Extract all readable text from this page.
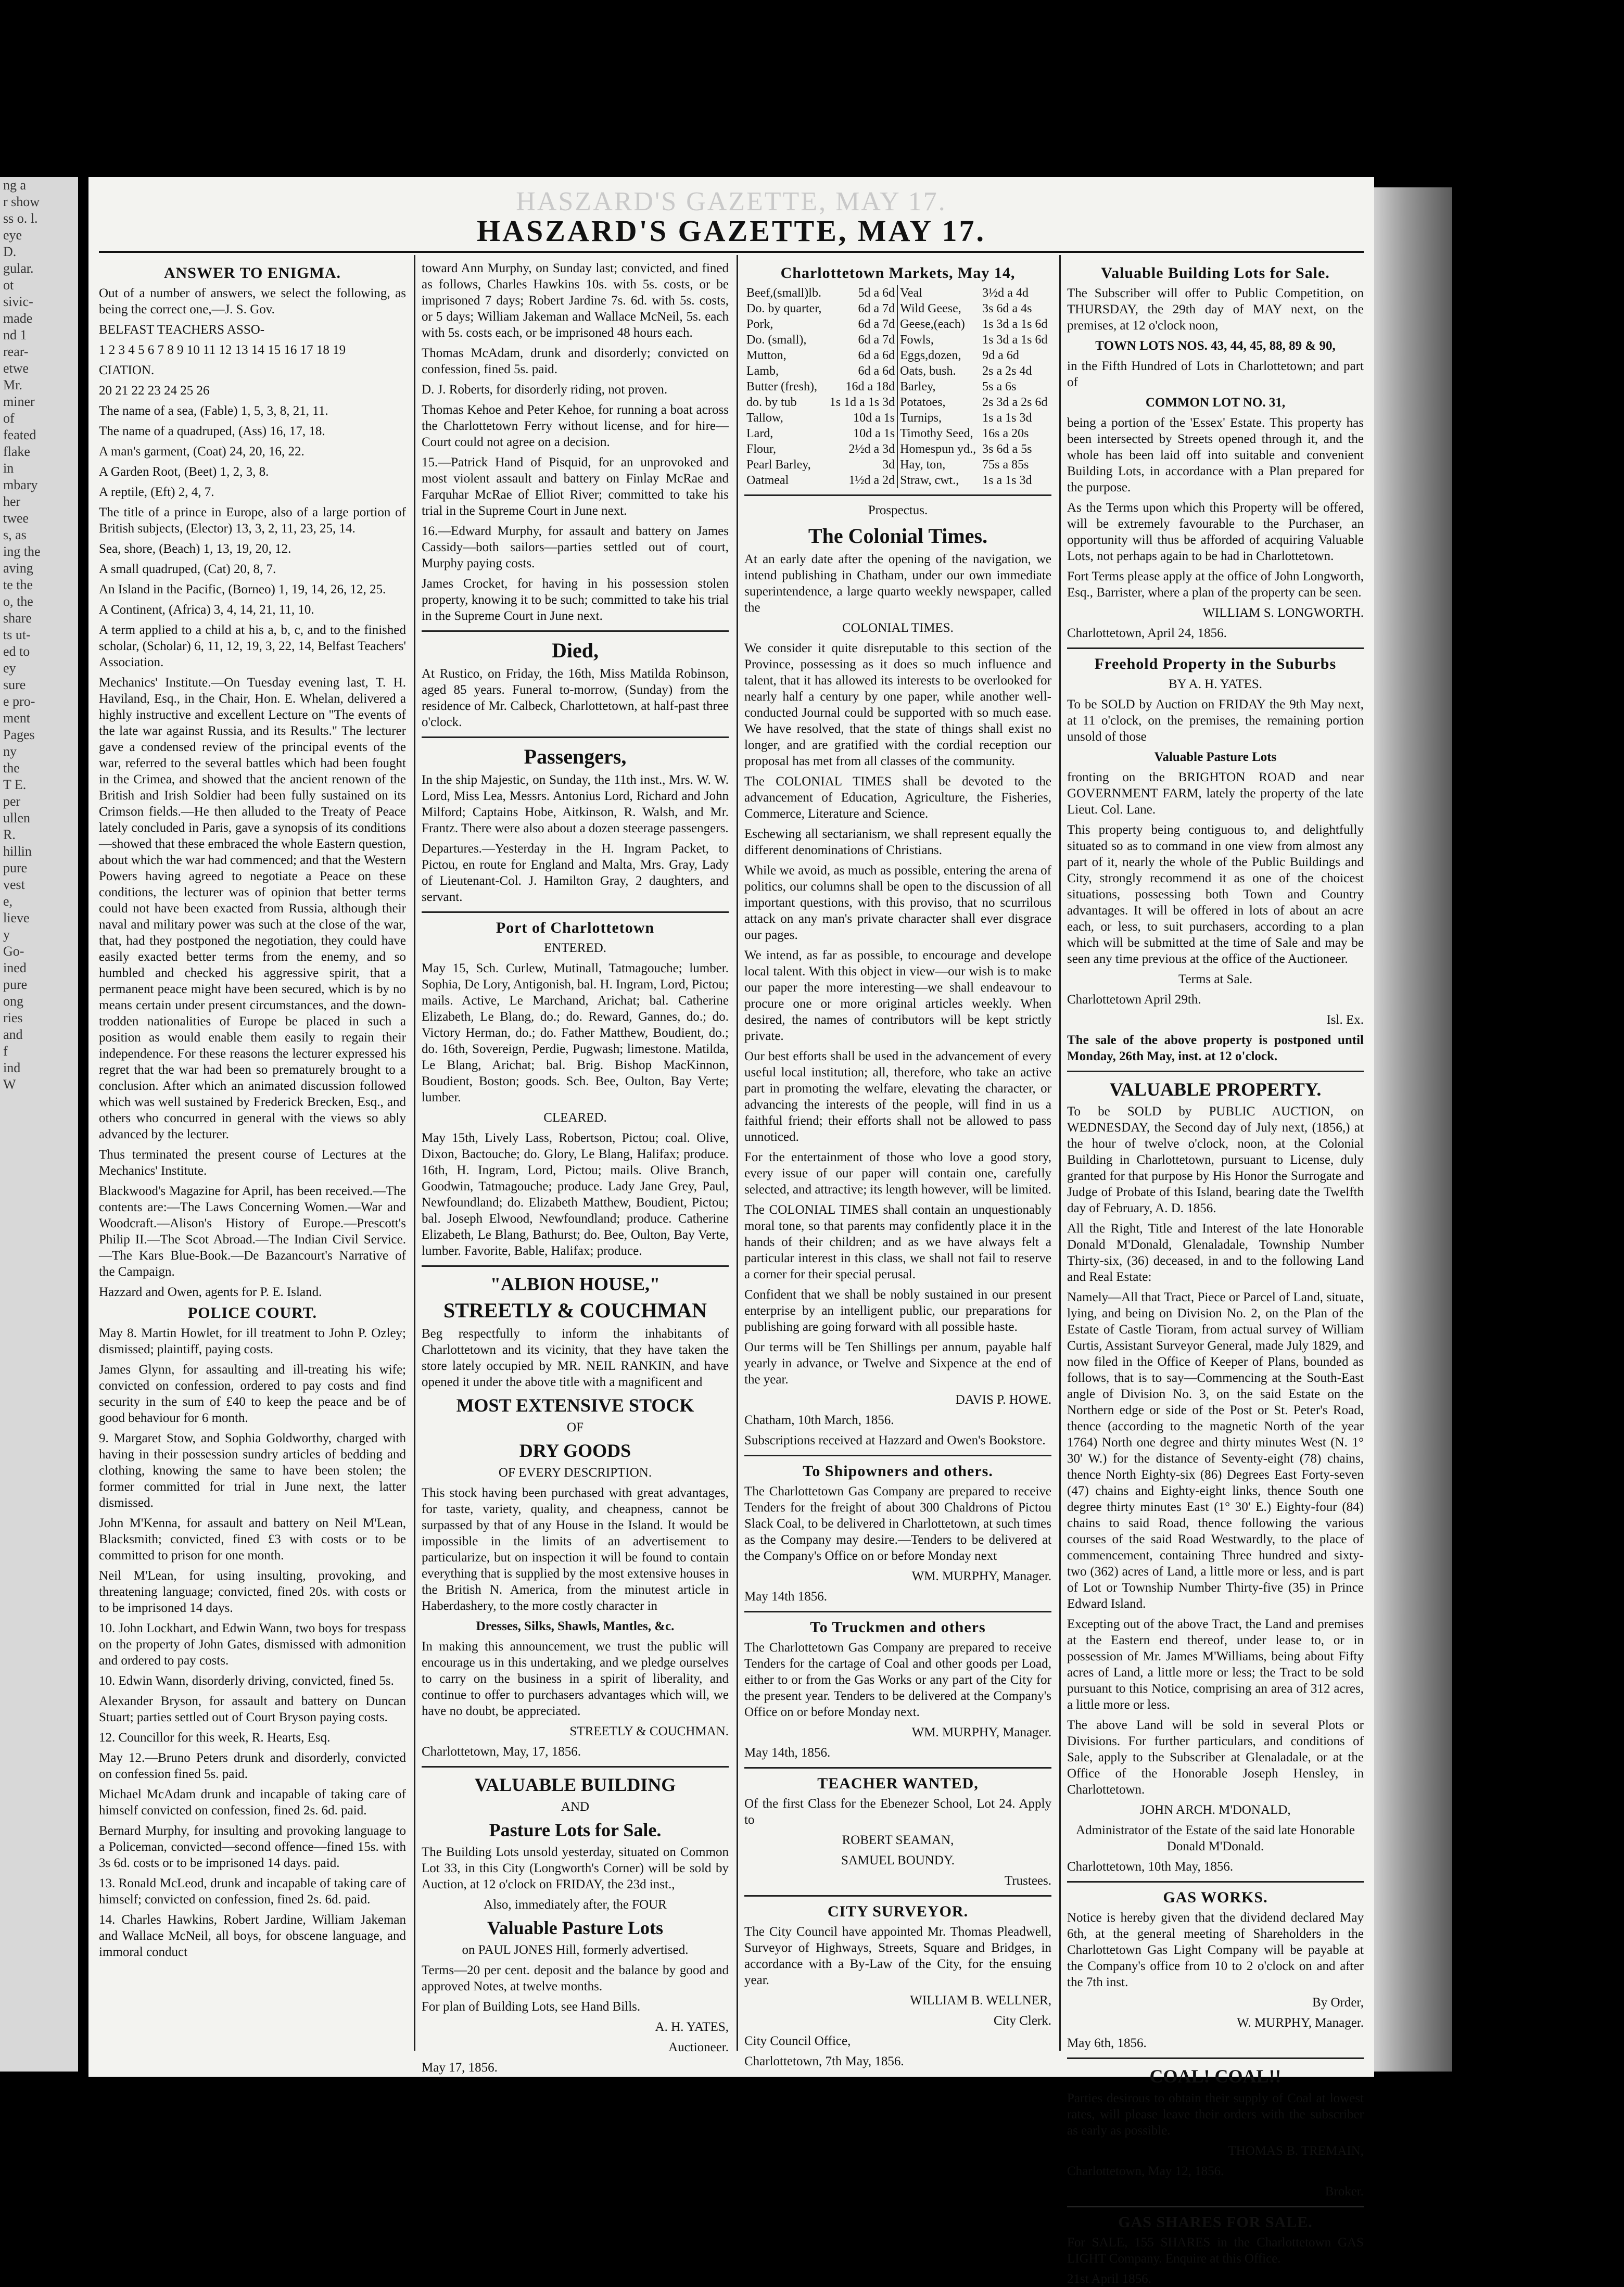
ng a

r show

ss o. l.

eye

D.

gular.

ot

sivic-

made

nd 1

rear-

etwe

Mr.

miner

of

feated

flake

in

mbary

her

twee

s, as

ing the

aving

te the

o, the

share

ts ut-

ed to

ey

sure

e pro-

ment

Pages

ny

the

T E.

per

ullen

R.

hillin

pure

vest

e,

lieve

y

Go-

ined

pure

ong

ries

and

f

ind

W

HASZARD'S GAZETTE, MAY 17.
HASZARD'S GAZETTE, MAY 17.
ANSWER TO ENIGMA.

Out of a number of answers, we select the following, as being the correct one,—J. S. Gov.

BELFAST TEACHERS ASSO-

1 2 3 4 5 6 7 8 9 10 11 12 13 14 15 16 17 18 19

CIATION.

20 21 22 23 24 25 26

The name of a sea, (Fable) 1, 5, 3, 8, 21, 11.

The name of a quadruped, (Ass) 16, 17, 18.

A man's garment, (Coat) 24, 20, 16, 22.

A Garden Root, (Beet) 1, 2, 3, 8.

A reptile, (Eft) 2, 4, 7.

The title of a prince in Europe, also of a large portion of British subjects, (Elector) 13, 3, 2, 11, 23, 25, 14.

Sea, shore, (Beach) 1, 13, 19, 20, 12.

A small quadruped, (Cat) 20, 8, 7.

An Island in the Pacific, (Borneo) 1, 19, 14, 26, 12, 25.

A Continent, (Africa) 3, 4, 14, 21, 11, 10.

A term applied to a child at his a, b, c, and to the finished scholar, (Scholar) 6, 11, 12, 19, 3, 22, 14, Belfast Teachers' Association.

Mechanics' Institute.—On Tuesday evening last, T. H. Haviland, Esq., in the Chair, Hon. E. Whelan, delivered a highly instructive and excellent Lecture on "The events of the late war against Russia, and its Results." The lecturer gave a condensed review of the principal events of the war, referred to the several battles which had been fought in the Crimea, and showed that the ancient renown of the British and Irish Soldier had been fully sustained on its Crimson fields.—He then alluded to the Treaty of Peace lately concluded in Paris, gave a synopsis of its conditions—showed that these embraced the whole Eastern question, about which the war had commenced; and that the Western Powers having agreed to negotiate a Peace on these conditions, the lecturer was of opinion that better terms could not have been exacted from Russia, although their naval and military power was such at the close of the war, that, had they postponed the negotiation, they could have easily exacted better terms from the enemy, and so humbled and checked his aggressive spirit, that a permanent peace might have been secured, which is by no means certain under present circumstances, and the down-trodden nationalities of Europe be placed in such a position as would enable them easily to regain their independence. For these reasons the lecturer expressed his regret that the war had been so prematurely brought to a conclusion. After which an animated discussion followed which was well sustained by Frederick Brecken, Esq., and others who concurred in general with the views so ably advanced by the lecturer.

Thus terminated the present course of Lectures at the Mechanics' Institute.

Blackwood's Magazine for April, has been received.—The contents are:—The Laws Concerning Women.—War and Woodcraft.—Alison's History of Europe.—Prescott's Philip II.—The Scot Abroad.—The Indian Civil Service.—The Kars Blue-Book.—De Bazancourt's Narrative of the Campaign.

Hazzard and Owen, agents for P. E. Island.

POLICE COURT.

May 8. Martin Howlet, for ill treatment to John P. Ozley; dismissed; plaintiff, paying costs.

James Glynn, for assaulting and ill-treating his wife; convicted on confession, ordered to pay costs and find security in the sum of £40 to keep the peace and be of good behaviour for 6 month.

9. Margaret Stow, and Sophia Goldworthy, charged with having in their possession sundry articles of bedding and clothing, knowing the same to have been stolen; the former committed for trial in June next, the latter dismissed.

John M'Kenna, for assault and battery on Neil M'Lean, Blacksmith; convicted, fined £3 with costs or to be committed to prison for one month.

Neil M'Lean, for using insulting, provoking, and threatening language; convicted, fined 20s. with costs or to be imprisoned 14 days.

10. John Lockhart, and Edwin Wann, two boys for trespass on the property of John Gates, dismissed with admonition and ordered to pay costs.

10. Edwin Wann, disorderly driving, convicted, fined 5s.

Alexander Bryson, for assault and battery on Duncan Stuart; parties settled out of Court Bryson paying costs.

12. Councillor for this week, R. Hearts, Esq.

May 12.—Bruno Peters drunk and disorderly, convicted on confession fined 5s. paid.

Michael McAdam drunk and incapable of taking care of himself convicted on confession, fined 2s. 6d. paid.

Bernard Murphy, for insulting and provoking language to a Policeman, convicted—second offence—fined 15s. with 3s 6d. costs or to be imprisoned 14 days. paid.

13. Ronald McLeod, drunk and incapable of taking care of himself; convicted on confession, fined 2s. 6d. paid.

14. Charles Hawkins, Robert Jardine, William Jakeman and Wallace McNeil, all boys, for obscene language, and immoral conduct

toward Ann Murphy, on Sunday last; convicted, and fined as follows, Charles Hawkins 10s. with 5s. costs, or be imprisoned 7 days; Robert Jardine 7s. 6d. with 5s. costs, or 5 days; William Jakeman and Wallace McNeil, 5s. each with 5s. costs each, or be imprisoned 48 hours each.

Thomas McAdam, drunk and disorderly; convicted on confession, fined 5s. paid.

D. J. Roberts, for disorderly riding, not proven.

Thomas Kehoe and Peter Kehoe, for running a boat across the Charlottetown Ferry without license, and for hire—Court could not agree on a decision.

15.—Patrick Hand of Pisquid, for an unprovoked and most violent assault and battery on Finlay McRae and Farquhar McRae of Elliot River; committed to take his trial in the Supreme Court in June next.

16.—Edward Murphy, for assault and battery on James Cassidy—both sailors—parties settled out of court, Murphy paying costs.

James Crocket, for having in his possession stolen property, knowing it to be such; committed to take his trial in the Supreme Court in June next.

Died,

At Rustico, on Friday, the 16th, Miss Matilda Robinson, aged 85 years. Funeral to-morrow, (Sunday) from the residence of Mr. Calbeck, Charlottetown, at half-past three o'clock.

Passengers,

In the ship Majestic, on Sunday, the 11th inst., Mrs. W. W. Lord, Miss Lea, Messrs. Antonius Lord, Richard and John Milford; Captains Hobe, Aitkinson, R. Walsh, and Mr. Frantz. There were also about a dozen steerage passengers.

Departures.—Yesterday in the H. Ingram Packet, to Pictou, en route for England and Malta, Mrs. Gray, Lady of Lieutenant-Col. J. Hamilton Gray, 2 daughters, and servant.

Port of Charlottetown

ENTERED.

May 15, Sch. Curlew, Mutinall, Tatmagouche; lumber. Sophia, De Lory, Antigonish, bal. H. Ingram, Lord, Pictou; mails. Active, Le Marchand, Arichat; bal. Catherine Elizabeth, Le Blang, do.; do. Reward, Gannes, do.; do. Victory Herman, do.; do. Father Matthew, Boudient, do.; do. 16th, Sovereign, Perdie, Pugwash; limestone. Matilda, Le Blang, Arichat; bal. Brig. Bishop MacKinnon, Boudient, Boston; goods. Sch. Bee, Oulton, Bay Verte; lumber.

CLEARED.

May 15th, Lively Lass, Robertson, Pictou; coal. Olive, Dixon, Bactouche; do. Glory, Le Blang, Halifax; produce. 16th, H. Ingram, Lord, Pictou; mails. Olive Branch, Goodwin, Tatmagouche; produce. Lady Jane Grey, Paul, Newfoundland; do. Elizabeth Matthew, Boudient, Pictou; bal. Joseph Elwood, Newfoundland; produce. Catherine Elizabeth, Le Blang, Bathurst; do. Bee, Oulton, Bay Verte, lumber. Favorite, Bable, Halifax; produce.

"ALBION HOUSE,"
STREETLY & COUCHMAN

Beg respectfully to inform the inhabitants of Charlottetown and its vicinity, that they have taken the store lately occupied by MR. NEIL RANKIN, and have opened it under the above title with a magnificent and

MOST EXTENSIVE STOCK

OF

DRY GOODS

OF EVERY DESCRIPTION.

This stock having been purchased with great advantages, for taste, variety, quality, and cheapness, cannot be surpassed by that of any House in the Island. It would be impossible in the limits of an advertisement to particularize, but on inspection it will be found to contain everything that is supplied by the most extensive houses in the British N. America, from the minutest article in Haberdashery, to the more costly character in

Dresses, Silks, Shawls, Mantles, &c.

In making this announcement, we trust the public will encourage us in this undertaking, and we pledge ourselves to carry on the business in a spirit of liberality, and continue to offer to purchasers advantages which will, we have no doubt, be appreciated.

STREETLY & COUCHMAN.

Charlottetown, May, 17, 1856.

VALUABLE BUILDING

AND

Pasture Lots for Sale.

The Building Lots unsold yesterday, situated on Common Lot 33, in this City (Longworth's Corner) will be sold by Auction, at 12 o'clock on FRIDAY, the 23d inst.,

Also, immediately after, the FOUR

Valuable Pasture Lots

on PAUL JONES Hill, formerly advertised.

Terms—20 per cent. deposit and the balance by good and approved Notes, at twelve months.

For plan of Building Lots, see Hand Bills.

A. H. YATES,

Auctioneer.

May 17, 1856.

Charlottetown Markets, May 14,
Beef,(small)lb.	5d a 6d	Veal	3½d a 4d
Do. by quarter,	6d a 7d	Wild Geese,	3s 6d a 4s
Pork,	6d a 7d	Geese,(each)	1s 3d a 1s 6d
Do. (small),	6d a 7d	Fowls,	1s 3d a 1s 6d
Mutton,	6d a 6d	Eggs,dozen,	9d a 6d
Lamb,	6d a 6d	Oats, bush.	2s a 2s 4d
Butter (fresh),	16d a 18d	Barley,	5s a 6s
do. by tub	1s 1d a 1s 3d	Potatoes,	2s 3d a 2s 6d
Tallow,	10d a 1s	Turnips,	1s a 1s 3d
Lard,	10d a 1s	Timothy Seed,	16s a 20s
Flour,	2½d a 3d	Homespun yd.,	3s 6d a 5s
Pearl Barley,	3d	Hay, ton,	75s a 85s
Oatmeal	1½d a 2d	Straw, cwt.,	1s a 1s 3d

Prospectus.

The Colonial Times.

At an early date after the opening of the navigation, we intend publishing in Chatham, under our own immediate superintendence, a large quarto weekly newspaper, called the

COLONIAL TIMES.

We consider it quite disreputable to this section of the Province, possessing as it does so much influence and talent, that it has allowed its interests to be overlooked for nearly half a century by one paper, while another well-conducted Journal could be supported with so much ease. We have resolved, that the state of things shall exist no longer, and are gratified with the cordial reception our proposal has met from all classes of the community.

The COLONIAL TIMES shall be devoted to the advancement of Education, Agriculture, the Fisheries, Commerce, Literature and Science.

Eschewing all sectarianism, we shall represent equally the different denominations of Christians.

While we avoid, as much as possible, entering the arena of politics, our columns shall be open to the discussion of all important questions, with this proviso, that no scurrilous attack on any man's private character shall ever disgrace our pages.

We intend, as far as possible, to encourage and develope local talent. With this object in view—our wish is to make our paper the more interesting—we shall endeavour to procure one or more original articles weekly. When desired, the names of contributors will be kept strictly private.

Our best efforts shall be used in the advancement of every useful local institution; all, therefore, who take an active part in promoting the welfare, elevating the character, or advancing the interests of the people, will find in us a faithful friend; their efforts shall not be allowed to pass unnoticed.

For the entertainment of those who love a good story, every issue of our paper will contain one, carefully selected, and attractive; its length however, will be limited.

The COLONIAL TIMES shall contain an unquestionably moral tone, so that parents may confidently place it in the hands of their children; and as we have always felt a particular interest in this class, we shall not fail to reserve a corner for their special perusal.

Confident that we shall be nobly sustained in our present enterprise by an intelligent public, our preparations for publishing are going forward with all possible haste.

Our terms will be Ten Shillings per annum, payable half yearly in advance, or Twelve and Sixpence at the end of the year.

DAVIS P. HOWE.

Chatham, 10th March, 1856.

Subscriptions received at Hazzard and Owen's Bookstore.

To Shipowners and others.

The Charlottetown Gas Company are prepared to receive Tenders for the freight of about 300 Chaldrons of Pictou Slack Coal, to be delivered in Charlottetown, at such times as the Company may desire.—Tenders to be delivered at the Company's Office on or before Monday next

WM. MURPHY, Manager.

May 14th 1856.

To Truckmen and others

The Charlottetown Gas Company are prepared to receive Tenders for the cartage of Coal and other goods per Load, either to or from the Gas Works or any part of the City for the present year. Tenders to be delivered at the Company's Office on or before Monday next.

WM. MURPHY, Manager.

May 14th, 1856.

TEACHER WANTED,

Of the first Class for the Ebenezer School, Lot 24. Apply to

ROBERT SEAMAN,

SAMUEL BOUNDY.

Trustees.

CITY SURVEYOR.

The City Council have appointed Mr. Thomas Pleadwell, Surveyor of Highways, Streets, Square and Bridges, in accordance with a By-Law of the City, for the ensuing year.

WILLIAM B. WELLNER,

City Clerk.

City Council Office,

Charlottetown, 7th May, 1856.

Valuable Building Lots for Sale.

The Subscriber will offer to Public Competition, on THURSDAY, the 29th day of MAY next, on the premises, at 12 o'clock noon,

TOWN LOTS NOS. 43, 44, 45, 88, 89 & 90,

in the Fifth Hundred of Lots in Charlottetown; and part of

COMMON LOT NO. 31,

being a portion of the 'Essex' Estate. This property has been intersected by Streets opened through it, and the whole has been laid off into suitable and convenient Building Lots, in accordance with a Plan prepared for the purpose.

As the Terms upon which this Property will be offered, will be extremely favourable to the Purchaser, an opportunity will thus be afforded of acquiring Valuable Lots, not perhaps again to be had in Charlottetown.

Fort Terms please apply at the office of John Longworth, Esq., Barrister, where a plan of the property can be seen.

WILLIAM S. LONGWORTH.

Charlottetown, April 24, 1856.

Freehold Property in the Suburbs

BY A. H. YATES.

To be SOLD by Auction on FRIDAY the 9th May next, at 11 o'clock, on the premises, the remaining portion unsold of those

Valuable Pasture Lots

fronting on the BRIGHTON ROAD and near GOVERNMENT FARM, lately the property of the late Lieut. Col. Lane.

This property being contiguous to, and delightfully situated so as to command in one view from almost any part of it, nearly the whole of the Public Buildings and City, strongly recommend it as one of the choicest situations, possessing both Town and Country advantages. It will be offered in lots of about an acre each, or less, to suit purchasers, according to a plan which will be submitted at the time of Sale and may be seen any time previous at the office of the Auctioneer.

Terms at Sale.

Charlottetown April 29th.

Isl. Ex.

The sale of the above property is postponed until Monday, 26th May, inst. at 12 o'clock.

VALUABLE PROPERTY.

To be SOLD by PUBLIC AUCTION, on WEDNESDAY, the Second day of July next, (1856,) at the hour of twelve o'clock, noon, at the Colonial Building in Charlottetown, pursuant to License, duly granted for that purpose by His Honor the Surrogate and Judge of Probate of this Island, bearing date the Twelfth day of February, A. D. 1856.

All the Right, Title and Interest of the late Honorable Donald M'Donald, Glenaladale, Township Number Thirty-six, (36) deceased, in and to the following Land and Real Estate:

Namely—All that Tract, Piece or Parcel of Land, situate, lying, and being on Division No. 2, on the Plan of the Estate of Castle Tioram, from actual survey of William Curtis, Assistant Surveyor General, made July 1829, and now filed in the Office of Keeper of Plans, bounded as follows, that is to say—Commencing at the South-East angle of Division No. 3, on the said Estate on the Northern edge or side of the Post or St. Peter's Road, thence (according to the magnetic North of the year 1764) North one degree and thirty minutes West (N. 1° 30' W.) for the distance of Seventy-eight (78) chains, thence North Eighty-six (86) Degrees East Forty-seven (47) chains and Eighty-eight links, thence South one degree thirty minutes East (1° 30' E.) Eighty-four (84) chains to said Road, thence following the various courses of the said Road Westwardly, to the place of commencement, containing Three hundred and sixty-two (362) acres of Land, a little more or less, and is part of Lot or Township Number Thirty-five (35) in Prince Edward Island.

Excepting out of the above Tract, the Land and premises at the Eastern end thereof, under lease to, or in possession of Mr. James M'Williams, being about Fifty acres of Land, a little more or less; the Tract to be sold pursuant to this Notice, comprising an area of 312 acres, a little more or less.

The above Land will be sold in several Plots or Divisions. For further particulars, and conditions of Sale, apply to the Subscriber at Glenaladale, or at the Office of the Honorable Joseph Hensley, in Charlottetown.

JOHN ARCH. M'DONALD,

Administrator of the Estate of the said late Honorable Donald M'Donald.

Charlottetown, 10th May, 1856.

GAS WORKS.

Notice is hereby given that the dividend declared May 6th, at the general meeting of Shareholders in the Charlottetown Gas Light Company will be payable at the Company's office from 10 to 2 o'clock on and after the 7th inst.

By Order,

W. MURPHY, Manager.

May 6th, 1856.

COAL! COAL!!

Parties desirous to obtain their supply of Coal at lowest rates, will please leave their orders with the subscriber as early as possible.

THOMAS B. TREMAIN,

Charlottetown, May 12, 1856.

Broker.

GAS SHARES FOR SALE.

For SALE, 155 SHARES in the Charlottetown GAS LIGHT Company. Enquire at this Office.

21st April 1856.
